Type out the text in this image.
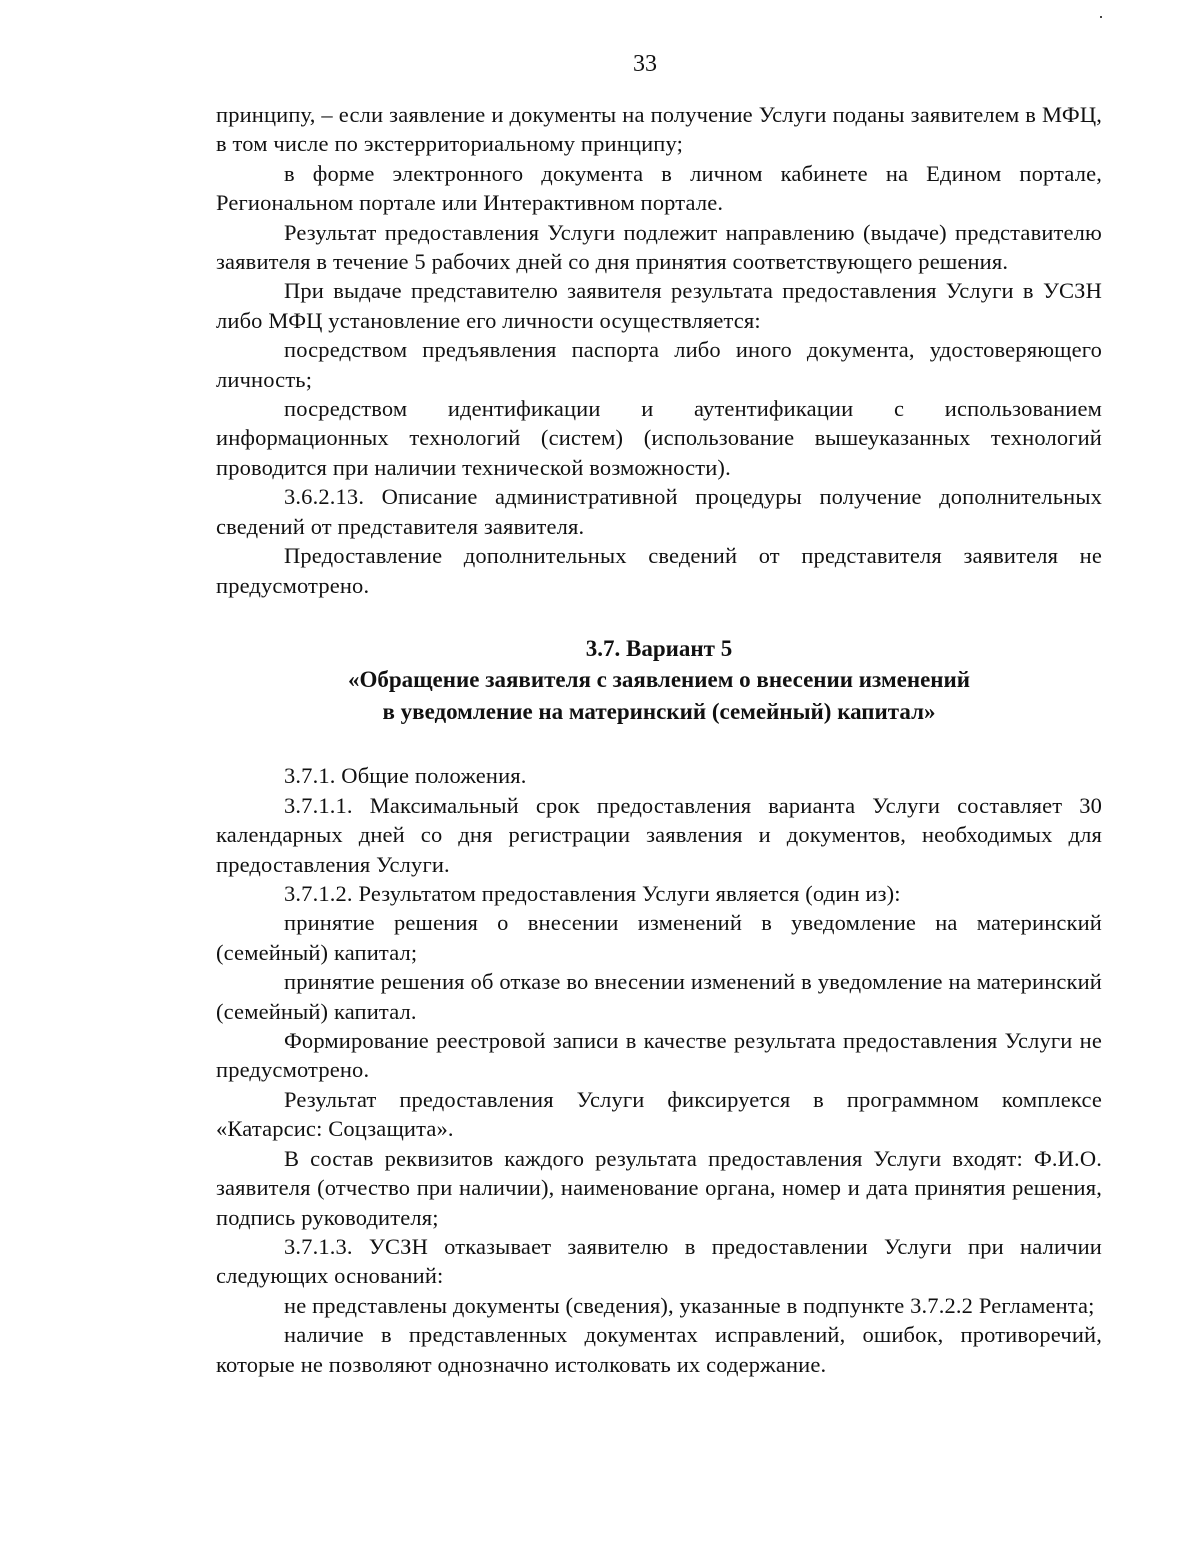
33

принципу, – если заявление и документы на получение Услуги поданы заявителем в МФЦ, в том числе по экстерриториальному принципу;

в форме электронного документа в личном кабинете на Едином портале, Региональном портале или Интерактивном портале.

Результат предоставления Услуги подлежит направлению (выдаче) представителю заявителя в течение 5 рабочих дней со дня принятия соответствующего решения.

При выдаче представителю заявителя результата предоставления Услуги в УСЗН либо МФЦ установление его личности осуществляется:

посредством предъявления паспорта либо иного документа, удостоверяющего личность;

посредством идентификации и аутентификации с использованием информационных технологий (систем) (использование вышеуказанных технологий проводится при наличии технической возможности).

3.6.2.13. Описание административной процедуры получение дополнительных сведений от представителя заявителя.

Предоставление дополнительных сведений от представителя заявителя не предусмотрено.

3.7. Вариант 5
«Обращение заявителя с заявлением о внесении изменений
в уведомление на материнский (семейный) капитал»

3.7.1. Общие положения.

3.7.1.1. Максимальный срок предоставления варианта Услуги составляет 30 календарных дней со дня регистрации заявления и документов, необходимых для предоставления Услуги.

3.7.1.2. Результатом предоставления Услуги является (один из):

принятие решения о внесении изменений в уведомление на материнский (семейный) капитал;

принятие решения об отказе во внесении изменений в уведомление на материнский (семейный) капитал.

Формирование реестровой записи в качестве результата предоставления Услуги не предусмотрено.

Результат предоставления Услуги фиксируется в программном комплексе «Катарсис: Соцзащита».

В состав реквизитов каждого результата предоставления Услуги входят: Ф.И.О. заявителя (отчество при наличии), наименование органа, номер и дата принятия решения, подпись руководителя;

3.7.1.3. УСЗН отказывает заявителю в предоставлении Услуги при наличии следующих оснований:

не представлены документы (сведения), указанные в подпункте 3.7.2.2 Регламента;

наличие в представленных документах исправлений, ошибок, противоречий, которые не позволяют однозначно истолковать их содержание.
